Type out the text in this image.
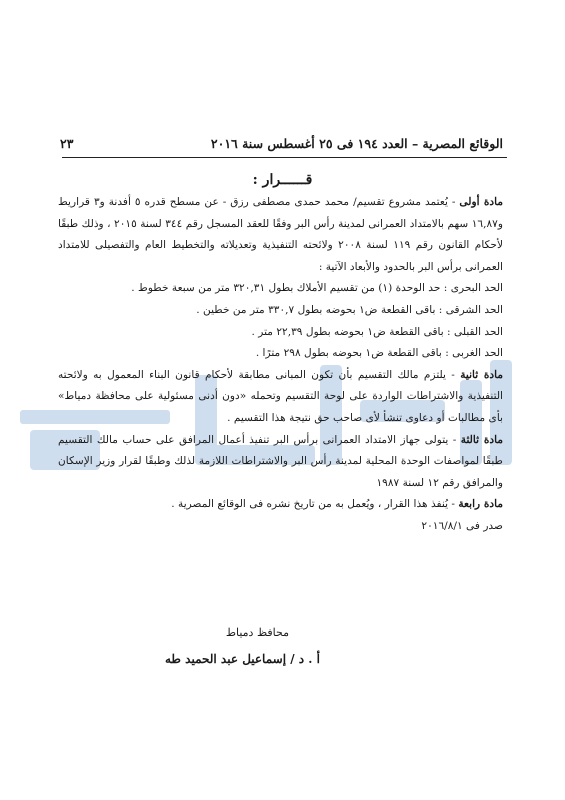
الوقائع المصرية – العدد ١٩٤ فى ٢٥ أغسطس سنة ٢٠١٦
٢٣
قــــــرار :

مادة أولى - يُعتمد مشروع تقسيم/ محمد حمدى مصطفى رزق - عن مسطح قدره ٥ أفدنة و٣ قراريط و١٦,٨٧ سهم بالامتداد العمرانى لمدينة رأس البر وفقًا للعقد المسجل رقم ٣٤٤ لسنة ٢٠١٥ ، وذلك طبقًا لأحكام القانون رقم ١١٩ لسنة ٢٠٠٨ ولائحته التنفيذية وتعديلاته والتخطيط العام والتفصيلى للامتداد العمرانى برأس البر بالحدود والأبعاد الآتية :

الحد البحرى : حد الوحدة (١) من تقسيم الأملاك بطول ٣٢٠,٣١ متر من سبعة خطوط .

الحد الشرقى : باقى القطعة ض١ بحوضه بطول ٣٣٠,٧ متر من خطين .

الحد القبلى : باقى القطعة ض١ بحوضه بطول ٢٢,٣٩ متر .

الحد الغربى : باقى القطعة ض١ بحوضه بطول ٢٩٨ مترًا .

مادة ثانية - يلتزم مالك التقسيم بأن تكون المبانى مطابقة لأحكام قانون البناء المعمول به ولائحته التنفيذية والاشتراطات الواردة على لوحة التقسيم وتحمله «دون أدنى مسئولية على محافظة دمياط» بأى مطالبات أو دعاوى تنشأ لأى صاحب حق نتيجة هذا التقسيم .

مادة ثالثة - يتولى جهاز الامتداد العمرانى برأس البر تنفيذ أعمال المرافق على حساب مالك التقسيم طبقًا لمواصفات الوحدة المحلية لمدينة رأس البر والاشتراطات اللازمة لذلك وطبقًا لقرار وزير الإسكان والمرافق رقم ١٢ لسنة ١٩٨٧

مادة رابعة - يُنفذ هذا القرار ، ويُعمل به من تاريخ نشره فى الوقائع المصرية .

صدر فى ٢٠١٦/٨/١

محافظ دمياط
أ . د / إسماعيل عبد الحميد طه
